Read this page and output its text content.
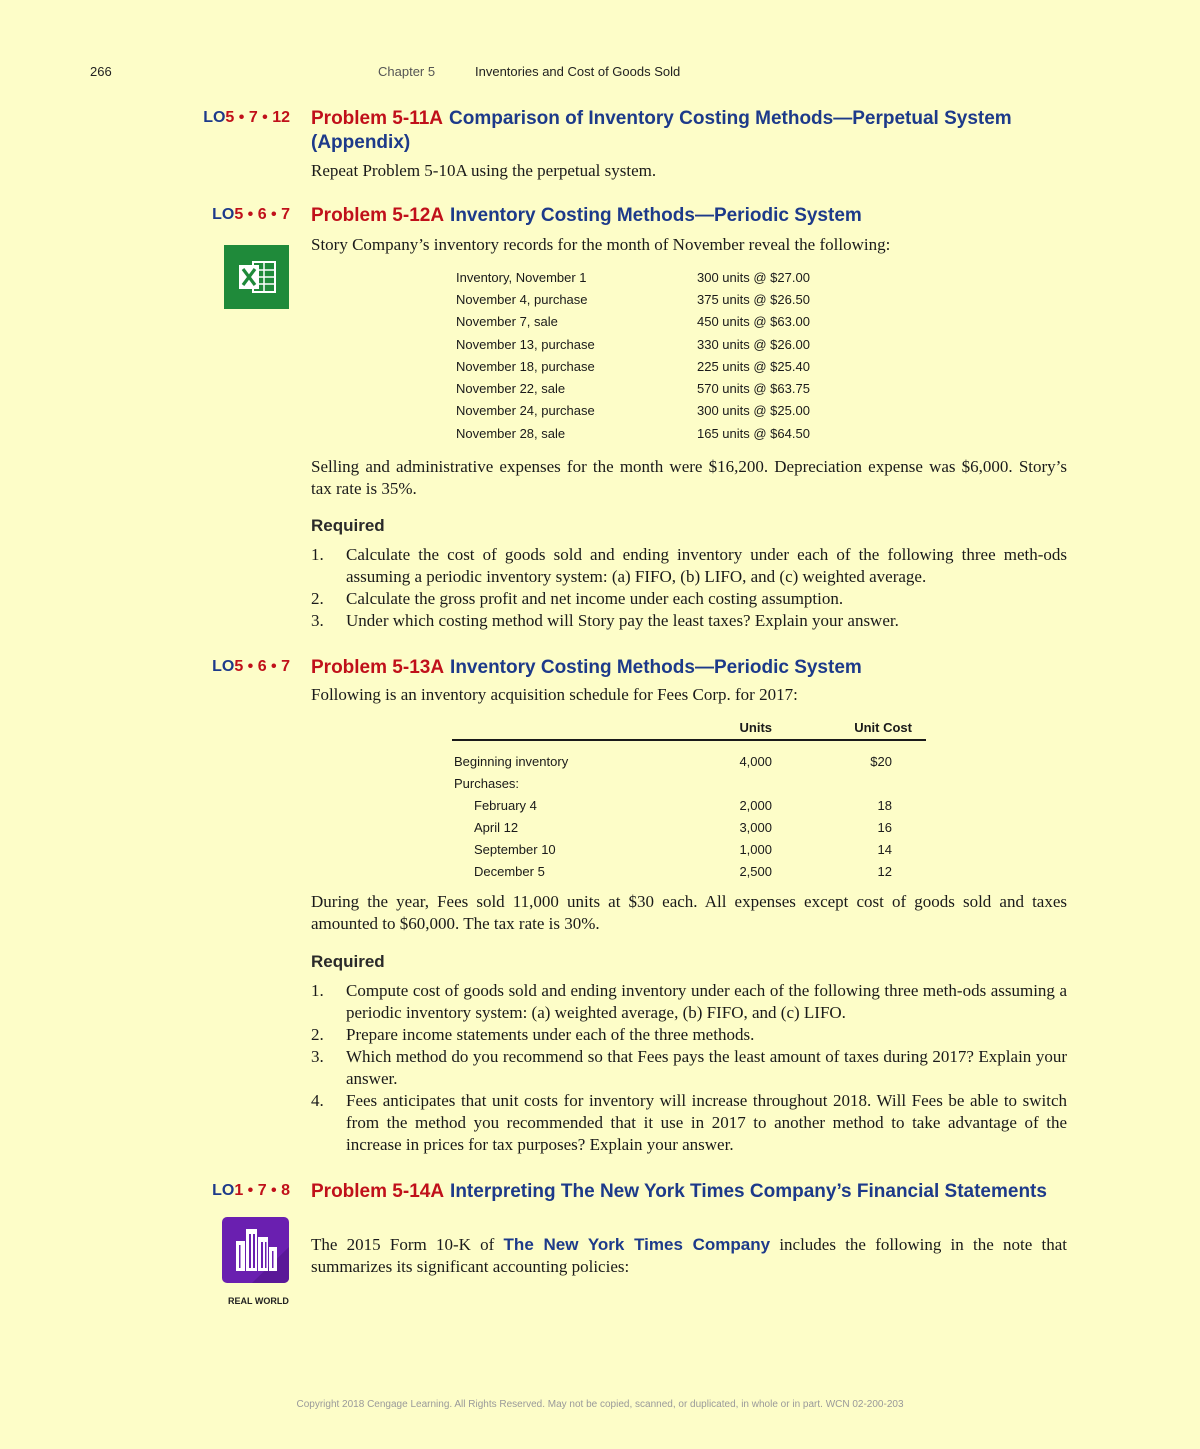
266	Chapter 5	Inventories and Cost of Goods Sold
LO5 • 7 • 12 Problem 5-11A Comparison of Inventory Costing Methods—Perpetual System (Appendix)
Repeat Problem 5-10A using the perpetual system.
LO5 • 6 • 7 Problem 5-12A Inventory Costing Methods—Periodic System
Story Company’s inventory records for the month of November reveal the following:
Inventory, November 1	300 units @ $27.00
November 4, purchase	375 units @ $26.50
November 7, sale	450 units @ $63.00
November 13, purchase	330 units @ $26.00
November 18, purchase	225 units @ $25.40
November 22, sale	570 units @ $63.75
November 24, purchase	300 units @ $25.00
November 28, sale	165 units @ $64.50
Selling and administrative expenses for the month were $16,200. Depreciation expense was $6,000. Story’s tax rate is 35%.
Required
1. Calculate the cost of goods sold and ending inventory under each of the following three meth-ods assuming a periodic inventory system: (a) FIFO, (b) LIFO, and (c) weighted average.
2. Calculate the gross profit and net income under each costing assumption.
3. Under which costing method will Story pay the least taxes? Explain your answer.
LO5 • 6 • 7 Problem 5-13A Inventory Costing Methods—Periodic System
Following is an inventory acquisition schedule for Fees Corp. for 2017:
	Units	Unit Cost
Beginning inventory	4,000	$20
Purchases:		
February 4	2,000	18
April 12	3,000	16
September 10	1,000	14
December 5	2,500	12
During the year, Fees sold 11,000 units at $30 each. All expenses except cost of goods sold and taxes amounted to $60,000. The tax rate is 30%.
Required
1. Compute cost of goods sold and ending inventory under each of the following three meth-ods assuming a periodic inventory system: (a) weighted average, (b) FIFO, and (c) LIFO.
2. Prepare income statements under each of the three methods.
3. Which method do you recommend so that Fees pays the least amount of taxes during 2017? Explain your answer.
4. Fees anticipates that unit costs for inventory will increase throughout 2018. Will Fees be able to switch from the method you recommended that it use in 2017 to another method to take advantage of the increase in prices for tax purposes? Explain your answer.
LO1 • 7 • 8 Problem 5-14A Interpreting The New York Times Company’s Financial Statements
The 2015 Form 10-K of The New York Times Company includes the following in the note that summarizes its significant accounting policies:
REAL WORLD
Copyright 2018 Cengage Learning. All Rights Reserved. May not be copied, scanned, or duplicated, in whole or in part. WCN 02-200-203
